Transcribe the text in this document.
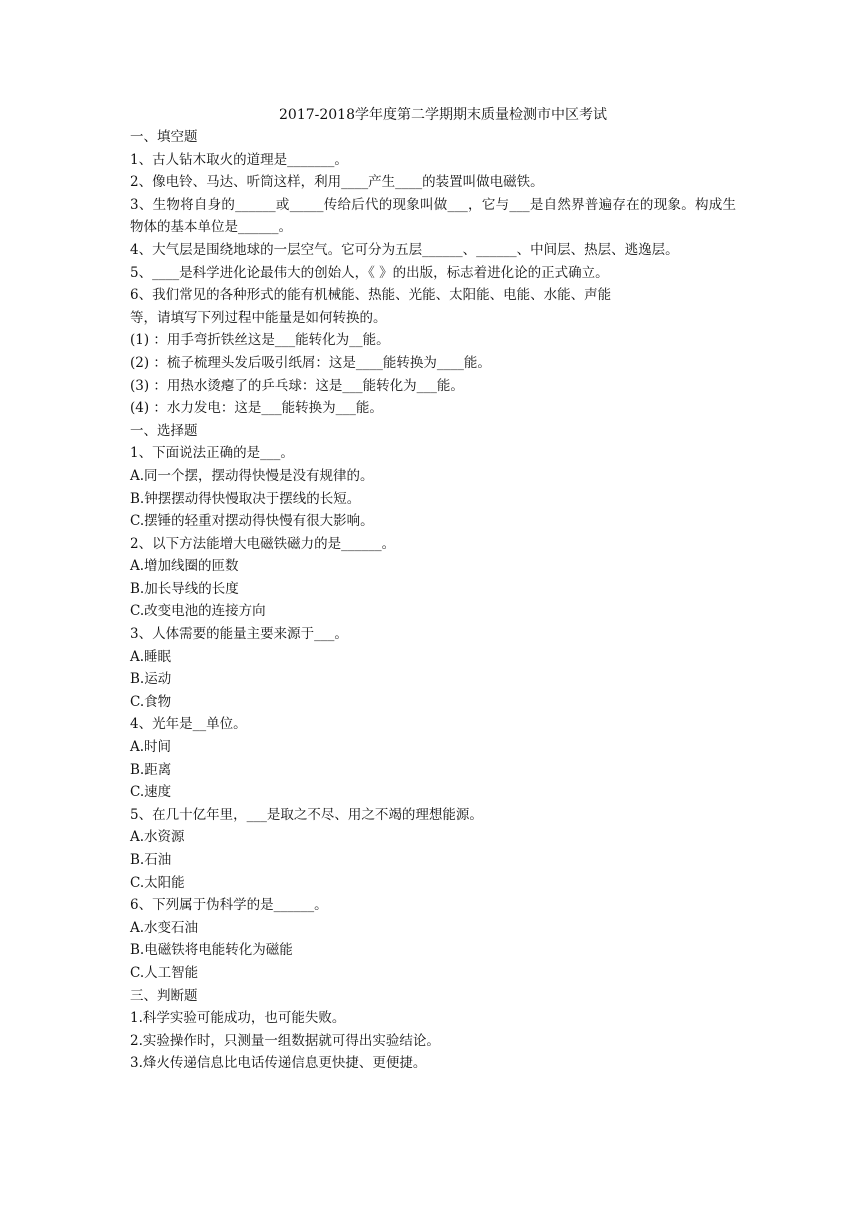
2017-2018学年度第二学期期末质量检测市中区考试
一、填空题
1、古人钻木取火的道理是_______。
2、像电铃、马达、听筒这样，利用____产生____的装置叫做电磁铁。
3、生物将自身的______或_____传给后代的现象叫做___，它与___是自然界普遍存在的现象。构成生物体的基本单位是______。
4、大气层是围绕地球的一层空气。它可分为五层______、______、中间层、热层、逃逸层。
5、____是科学进化论最伟大的创始人，《 》的出版，标志着进化论的正式确立。
6、我们常见的各种形式的能有机械能、热能、光能、太阳能、电能、水能、声能
等，请填写下列过程中能量是如何转换的。
(1) ：用手弯折铁丝这是___能转化为__能。
(2) ：梳子梳理头发后吸引纸屑：这是____能转换为____能。
(3) ：用热水烫瘪了的乒乓球：这是___能转化为___能。
(4) ：水力发电：这是___能转换为___能。
一、选择题
1、下面说法正确的是___。
A.同一个摆，摆动得快慢是没有规律的。
B.钟摆摆动得快慢取决于摆线的长短。
C.摆锤的轻重对摆动得快慢有很大影响。
2、以下方法能增大电磁铁磁力的是______。
A.增加线圈的匝数
B.加长导线的长度
C.改变电池的连接方向
3、人体需要的能量主要来源于___。
A.睡眠
B.运动
C.食物
4、光年是__单位。
A.时间
B.距离
C.速度
5、在几十亿年里，___是取之不尽、用之不竭的理想能源。
A.水资源
B.石油
C.太阳能
6、下列属于伪科学的是______。
A.水变石油
B.电磁铁将电能转化为磁能
C.人工智能
三、判断题
1.科学实验可能成功，也可能失败。
2.实验操作时，只测量一组数据就可得出实验结论。
3.烽火传递信息比电话传递信息更快捷、更便捷。
